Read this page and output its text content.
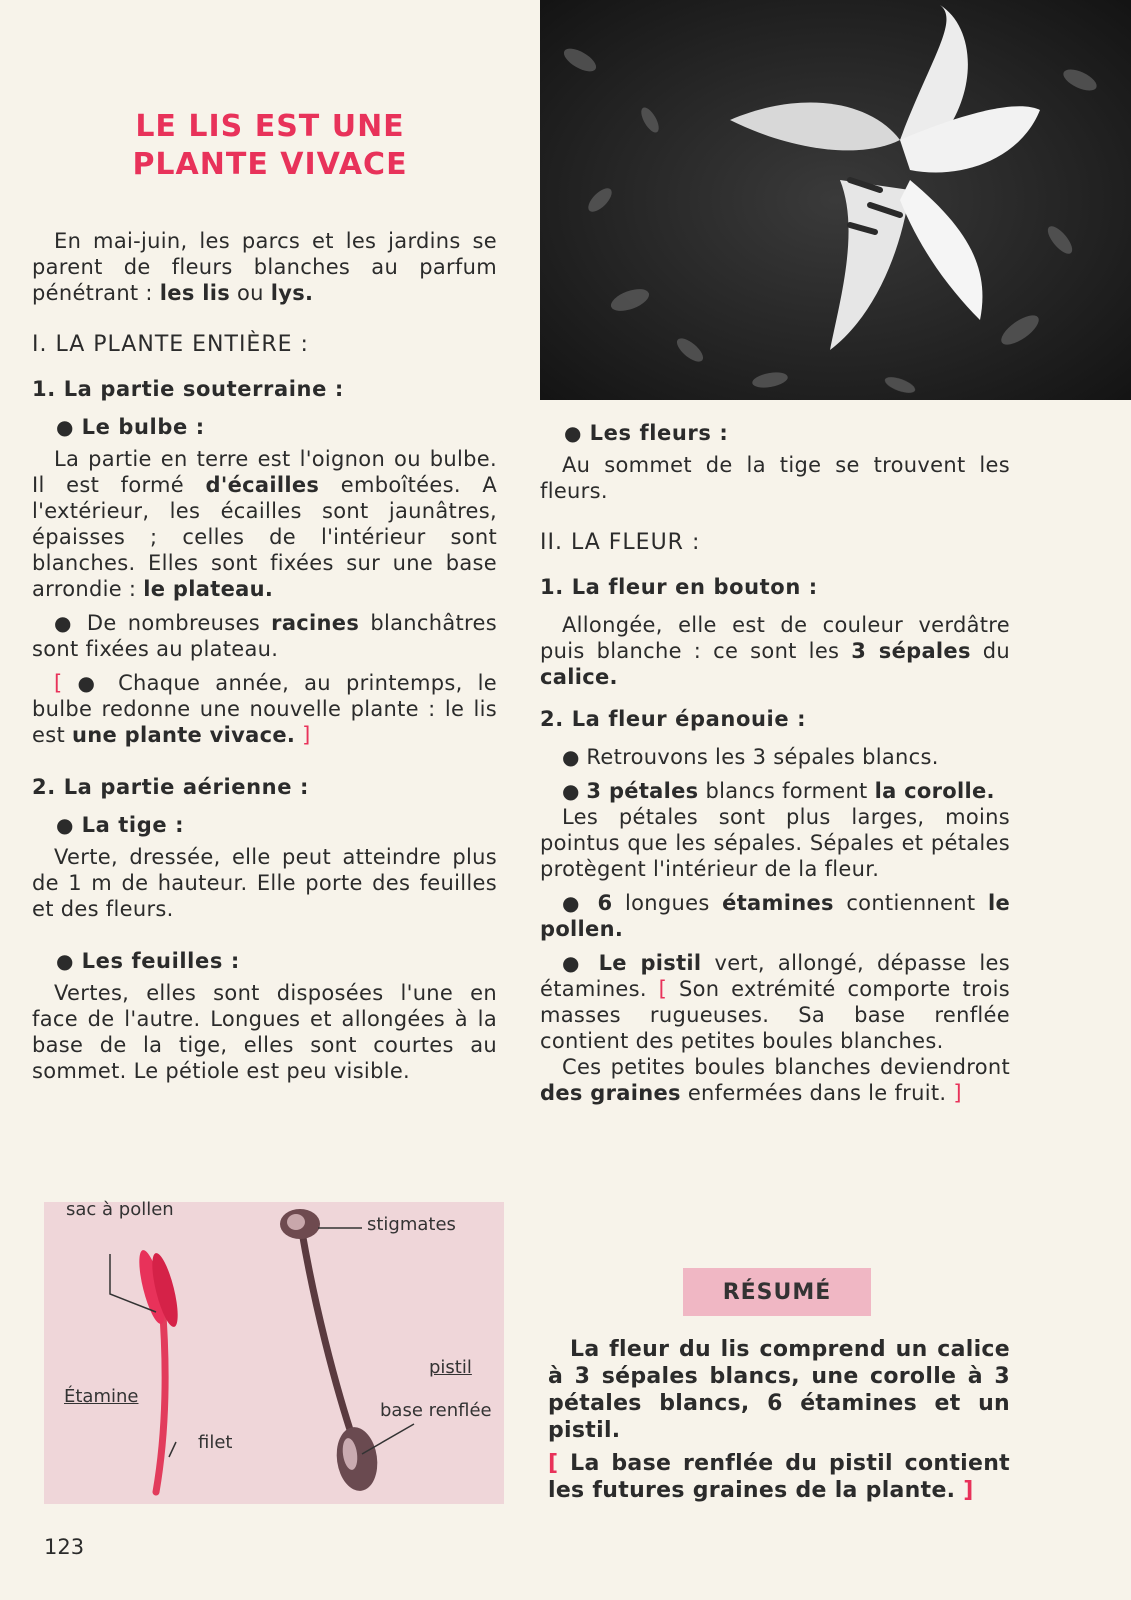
LE LIS EST UNE
PLANTE VIVACE

En mai-juin, les parcs et les jardins se parent de fleurs blanches au parfum pénétrant : les lis ou lys.

I. LA PLANTE ENTIÈRE :
1. La partie souterraine :
● Le bulbe :

La partie en terre est l'oignon ou bulbe. Il est formé d'écailles emboîtées. A l'extérieur, les écailles sont jaunâtres, épaisses ; celles de l'intérieur sont blanches. Elles sont fixées sur une base arrondie : le plateau.

● De nombreuses racines blanchâtres sont fixées au plateau.

[ ● Chaque année, au printemps, le bulbe redonne une nouvelle plante : le lis est une plante vivace. ]

2. La partie aérienne :
● La tige :

Verte, dressée, elle peut atteindre plus de 1 m de hauteur. Elle porte des feuilles et des fleurs.

● Les feuilles :

Vertes, elles sont disposées l'une en face de l'autre. Longues et allongées à la base de la tige, elles sont courtes au sommet. Le pétiole est peu visible.

● Les fleurs :

Au sommet de la tige se trouvent les fleurs.

II. LA FLEUR :
1. La fleur en bouton :

Allongée, elle est de couleur verdâtre puis blanche : ce sont les 3 sépales du calice.

2. La fleur épanouie :

● Retrouvons les 3 sépales blancs.

● 3 pétales blancs forment la corolle.

Les pétales sont plus larges, moins pointus que les sépales. Sépales et pétales protègent l'intérieur de la fleur.

● 6 longues étamines contiennent le pollen.

● Le pistil vert, allongé, dépasse les étamines. [ Son extrémité comporte trois masses rugueuses. Sa base renflée contient des petites boules blanches.

Ces petites boules blanches deviendront des graines enfermées dans le fruit. ]

sac à pollen
Étamine
filet
stigmates
pistil
base renflée
RÉSUMÉ

La fleur du lis comprend un calice à 3 sépales blancs, une corolle à 3 pétales blancs, 6 étamines et un pistil.

[ La base renflée du pistil contient les futures graines de la plante. ]

123
